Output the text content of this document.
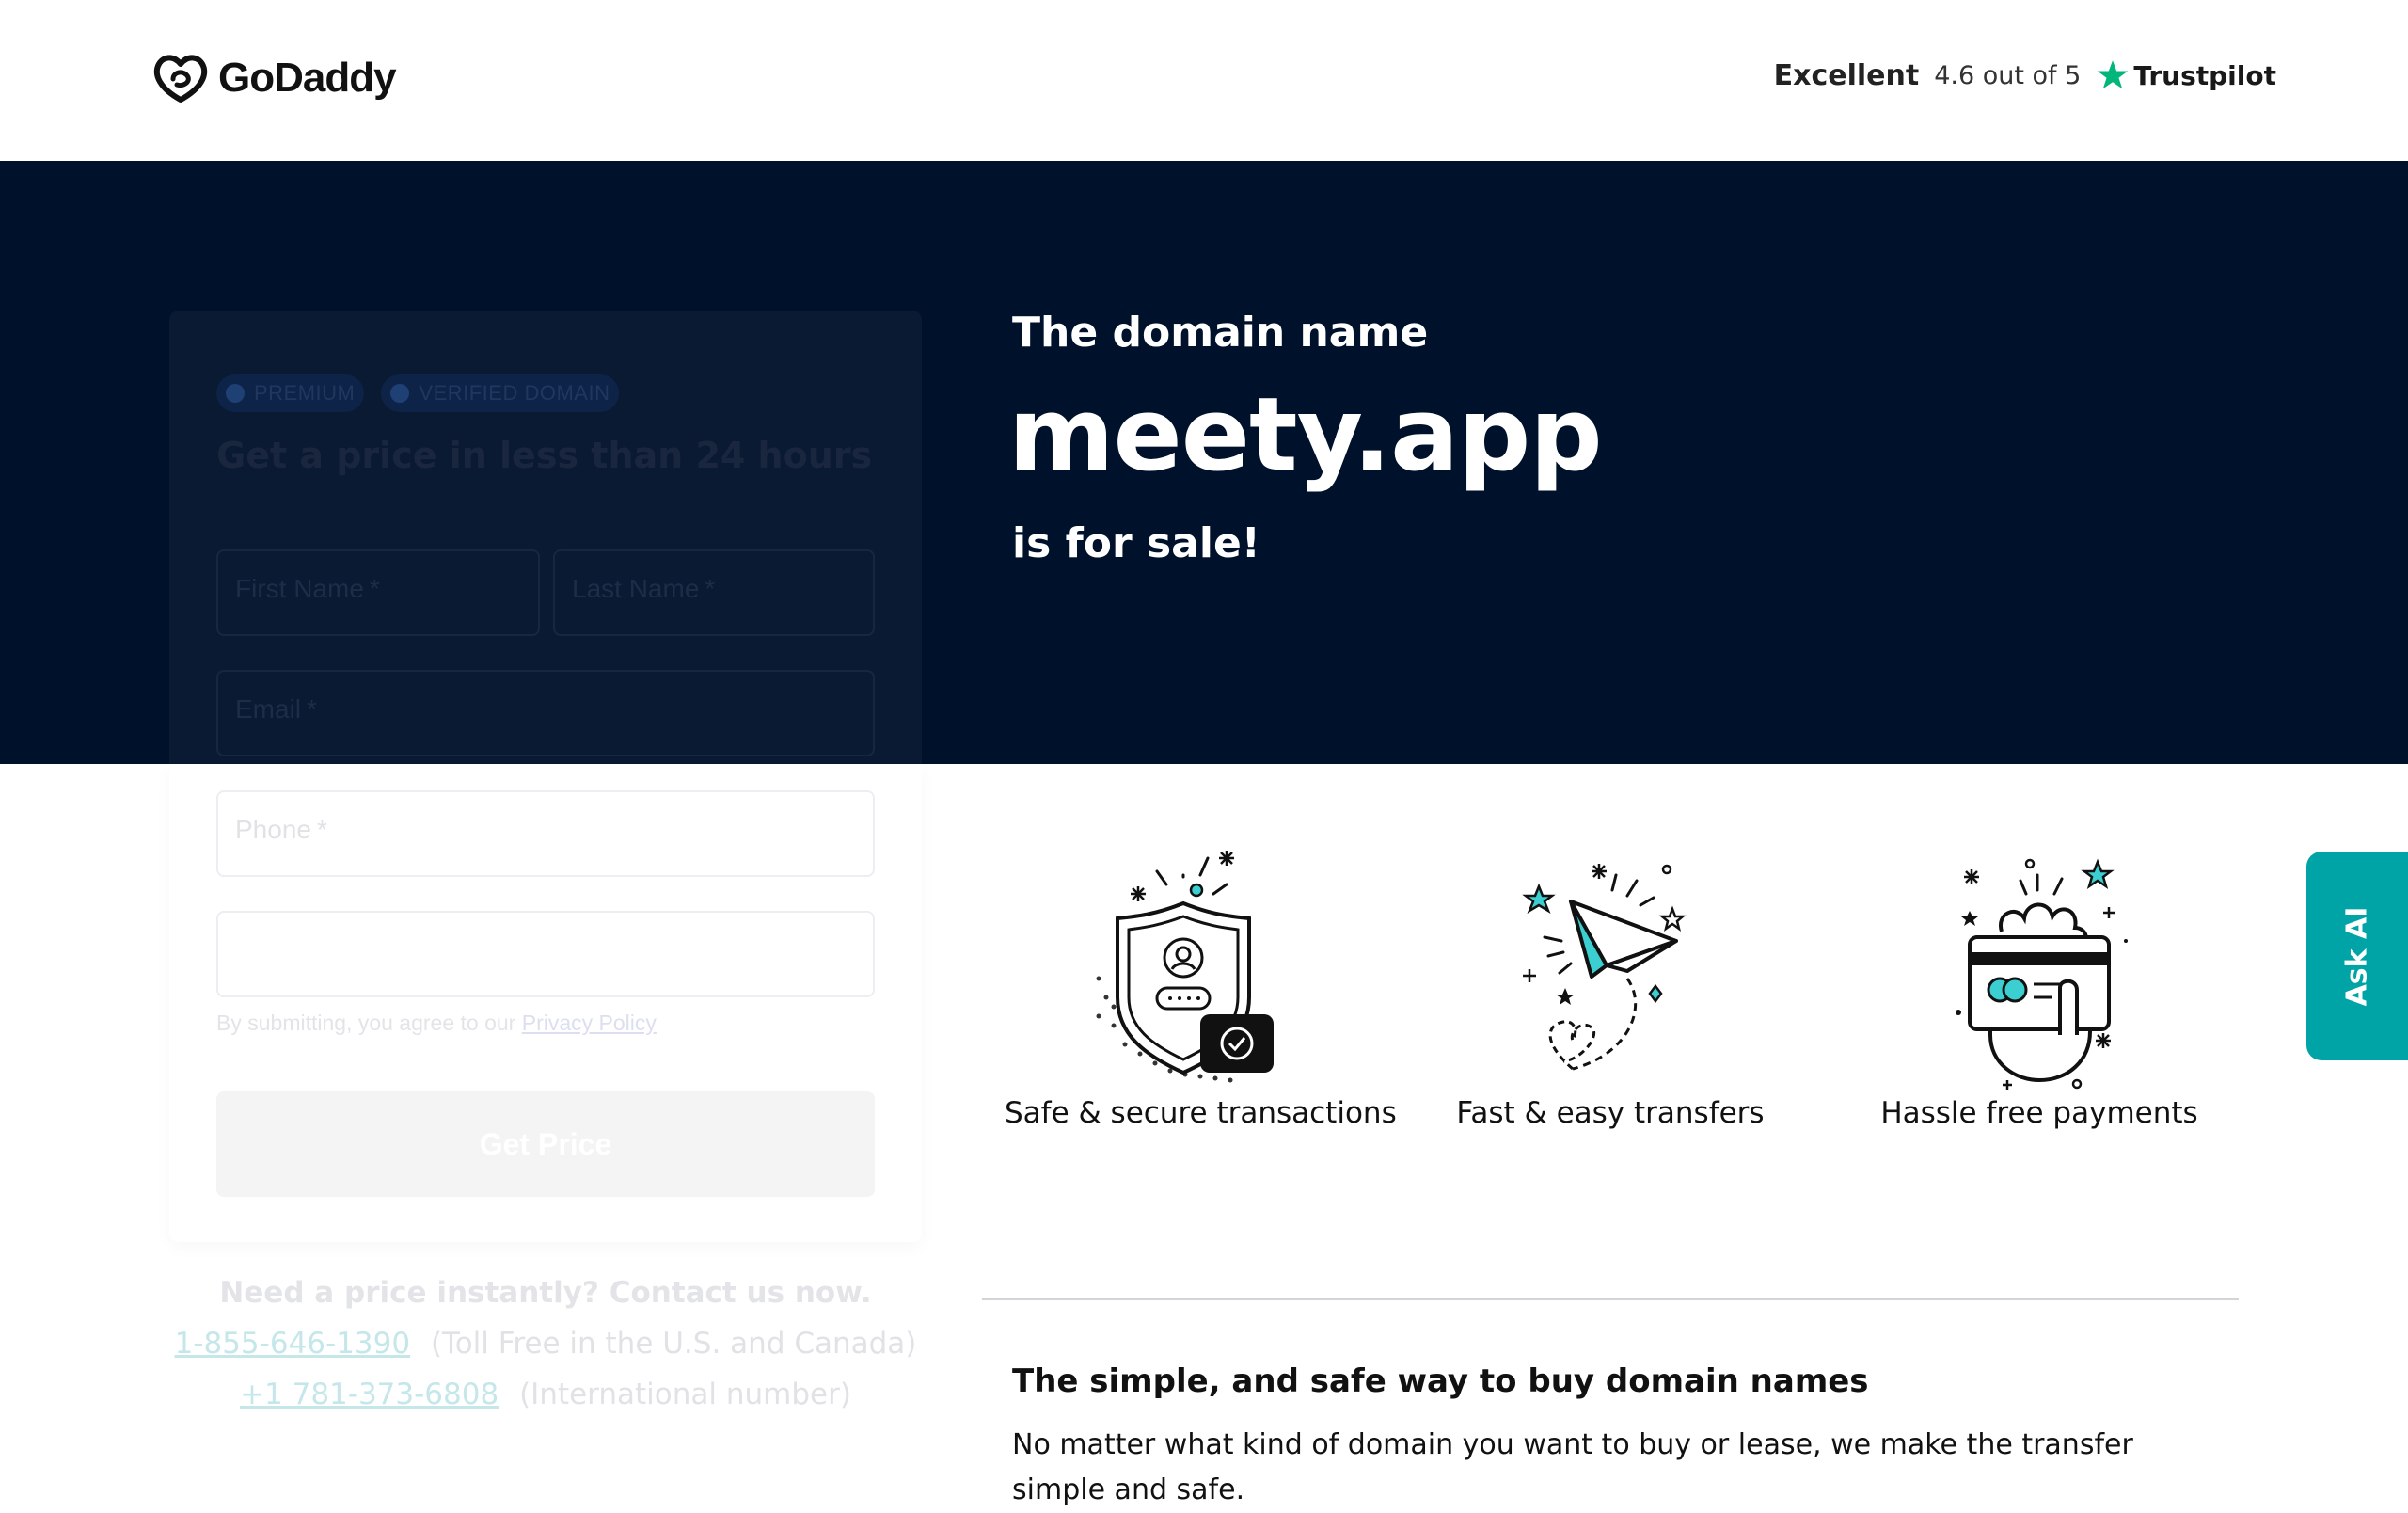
GoDaddy	Excellent 4.6 out of 5 Trustpilot
The domain name
meety.app
is for sale!
PREMIUM	VERIFIED DOMAIN
Get a price in less than 24 hours
First Name *	Last Name *
Email *
Phone *
By submitting, you agree to our Privacy Policy
Get Price
Need a price instantly? Contact us now.
1-855-646-1390 (Toll Free in the U.S. and Canada)
+1 781-373-6808 (International number)
Safe & secure transactions	Fast & easy transfers	Hassle free payments
The simple, and safe way to buy domain names
No matter what kind of domain you want to buy or lease, we make the transfer simple and safe.
Ask AI
